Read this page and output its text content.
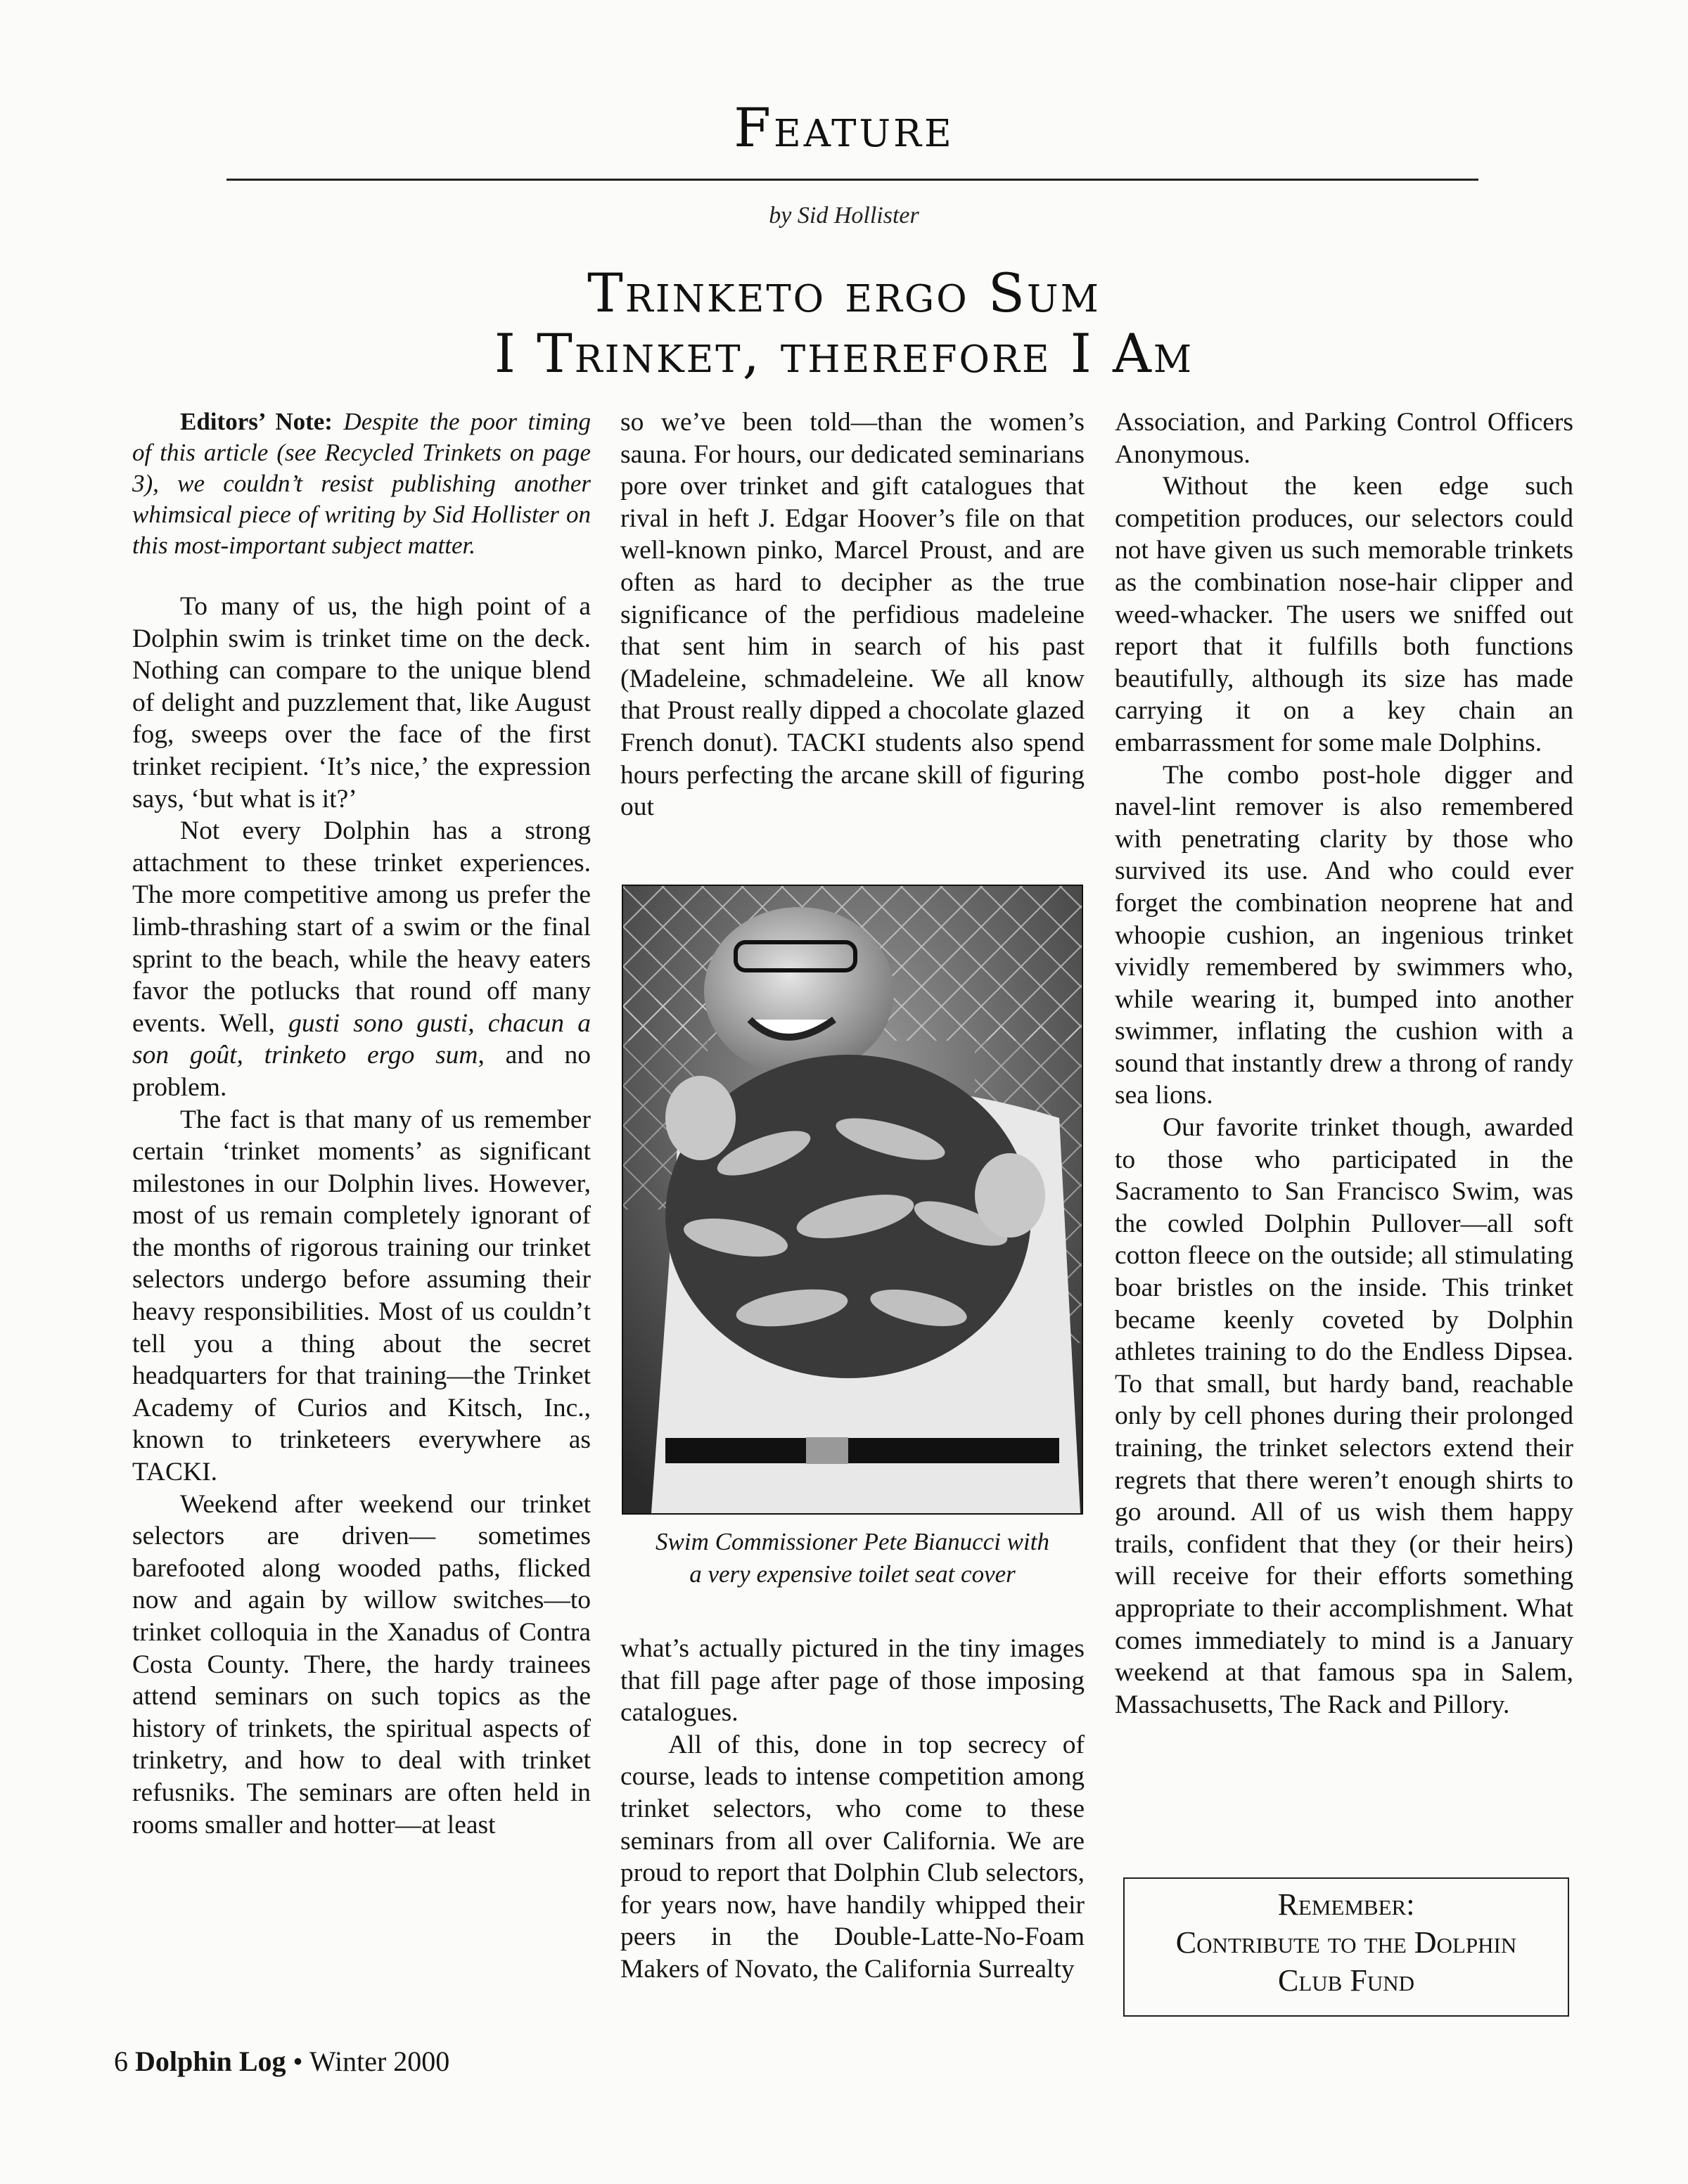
Feature
by Sid Hollister
Trinketo ergo Sum
I Trinket, therefore I Am

Editors’ Note: Despite the poor timing of this article (see Recycled Trinkets on page 3), we couldn’t resist publishing another whimsical piece of writing by Sid Hollister on this most-important subject matter.

To many of us, the high point of a Dolphin swim is trinket time on the deck. Nothing can compare to the unique blend of delight and puzzlement that, like August fog, sweeps over the face of the first trinket recipient. ‘It’s nice,’ the expression says, ‘but what is it?’

Not every Dolphin has a strong attachment to these trinket experiences. The more competitive among us prefer the limb-thrashing start of a swim or the final sprint to the beach, while the heavy eaters favor the potlucks that round off many events. Well, gusti sono gusti, chacun a son goût, trinketo ergo sum, and no problem.

The fact is that many of us remember certain ‘trinket moments’ as significant milestones in our Dolphin lives. However, most of us remain completely ignorant of the months of rigorous training our trinket selectors undergo before assuming their heavy responsibilities. Most of us couldn’t tell you a thing about the secret headquarters for that training—the Trinket Academy of Curios and Kitsch, Inc., known to trinketeers everywhere as TACKI.

Weekend after weekend our trinket selectors are driven— sometimes barefooted along wooded paths, flicked now and again by willow switches—to trinket colloquia in the Xanadus of Contra Costa County. There, the hardy trainees attend seminars on such topics as the history of trinkets, the spiritual aspects of trinketry, and how to deal with trinket refusniks. The seminars are often held in rooms smaller and hotter—at least

so we’ve been told—than the women’s sauna. For hours, our dedicated seminarians pore over trinket and gift catalogues that rival in heft J. Edgar Hoover’s file on that well-known pinko, Marcel Proust, and are often as hard to decipher as the true significance of the perfidious madeleine that sent him in search of his past (Madeleine, schmadeleine. We all know that Proust really dipped a chocolate glazed French donut). TACKI students also spend hours perfecting the arcane skill of figuring out

Swim Commissioner Pete Bianucci with
a very expensive toilet seat cover

what’s actually pictured in the tiny images that fill page after page of those imposing catalogues.

All of this, done in top secrecy of course, leads to intense competition among trinket selectors, who come to these seminars from all over California. We are proud to report that Dolphin Club selectors, for years now, have handily whipped their peers in the Double-Latte-No-Foam Makers of Novato, the California Surrealty

Association, and Parking Control Officers Anonymous.

Without the keen edge such competition produces, our selectors could not have given us such memorable trinkets as the combination nose-hair clipper and weed-whacker. The users we sniffed out report that it fulfills both functions beautifully, although its size has made carrying it on a key chain an embarrassment for some male Dolphins.

The combo post-hole digger and navel-lint remover is also remembered with penetrating clarity by those who survived its use. And who could ever forget the combination neoprene hat and whoopie cushion, an ingenious trinket vividly remembered by swimmers who, while wearing it, bumped into another swimmer, inflating the cushion with a sound that instantly drew a throng of randy sea lions.

Our favorite trinket though, awarded to those who participated in the Sacramento to San Francisco Swim, was the cowled Dolphin Pullover—all soft cotton fleece on the outside; all stimulating boar bristles on the inside. This trinket became keenly coveted by Dolphin athletes training to do the Endless Dipsea. To that small, but hardy band, reachable only by cell phones during their prolonged training, the trinket selectors extend their regrets that there weren’t enough shirts to go around. All of us wish them happy trails, confident that they (or their heirs) will receive for their efforts something appropriate to their accomplishment. What comes immediately to mind is a January weekend at that famous spa in Salem, Massachusetts, The Rack and Pillory.

Remember:
Contribute to the Dolphin
Club Fund
6 Dolphin Log • Winter 2000
